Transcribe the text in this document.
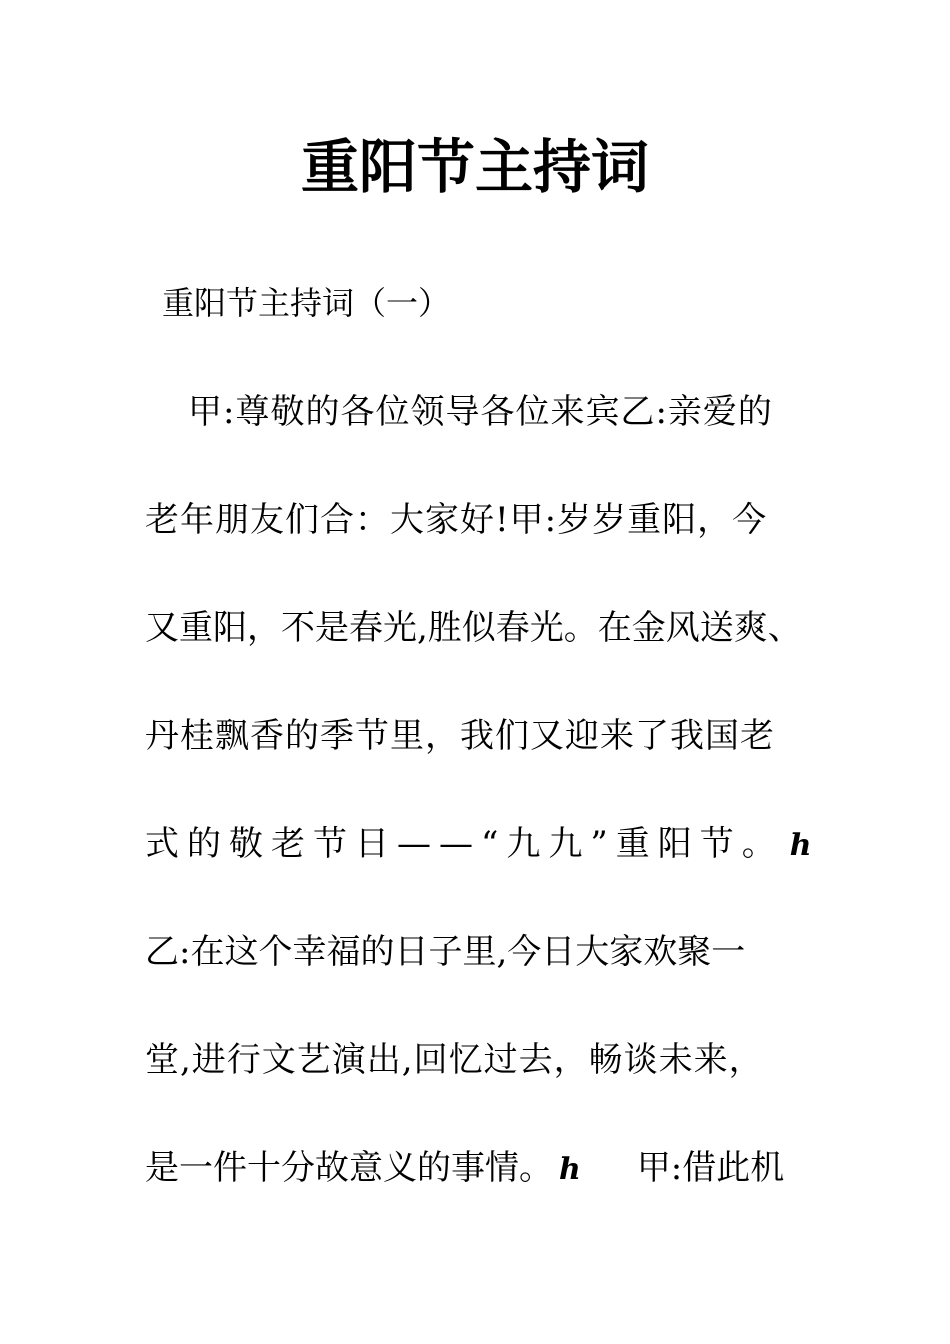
重阳节主持词

重阳节主持词（一）

甲:尊敬的各位领导各位来宾乙:亲爱的

老年朋友们合：大家好!甲:岁岁重阳，今

又重阳，不是春光,胜似春光。在金风送爽、

丹桂飘香的季节里，我们又迎来了我国老

式的敬老节日——“九九”重阳节。 ℎ

乙:在这个幸福的日子里,今日大家欢聚一

堂,进行文艺演出,回忆过去，畅谈未来，

是一件十分故意义的事情。 ℎ 甲:借此机
